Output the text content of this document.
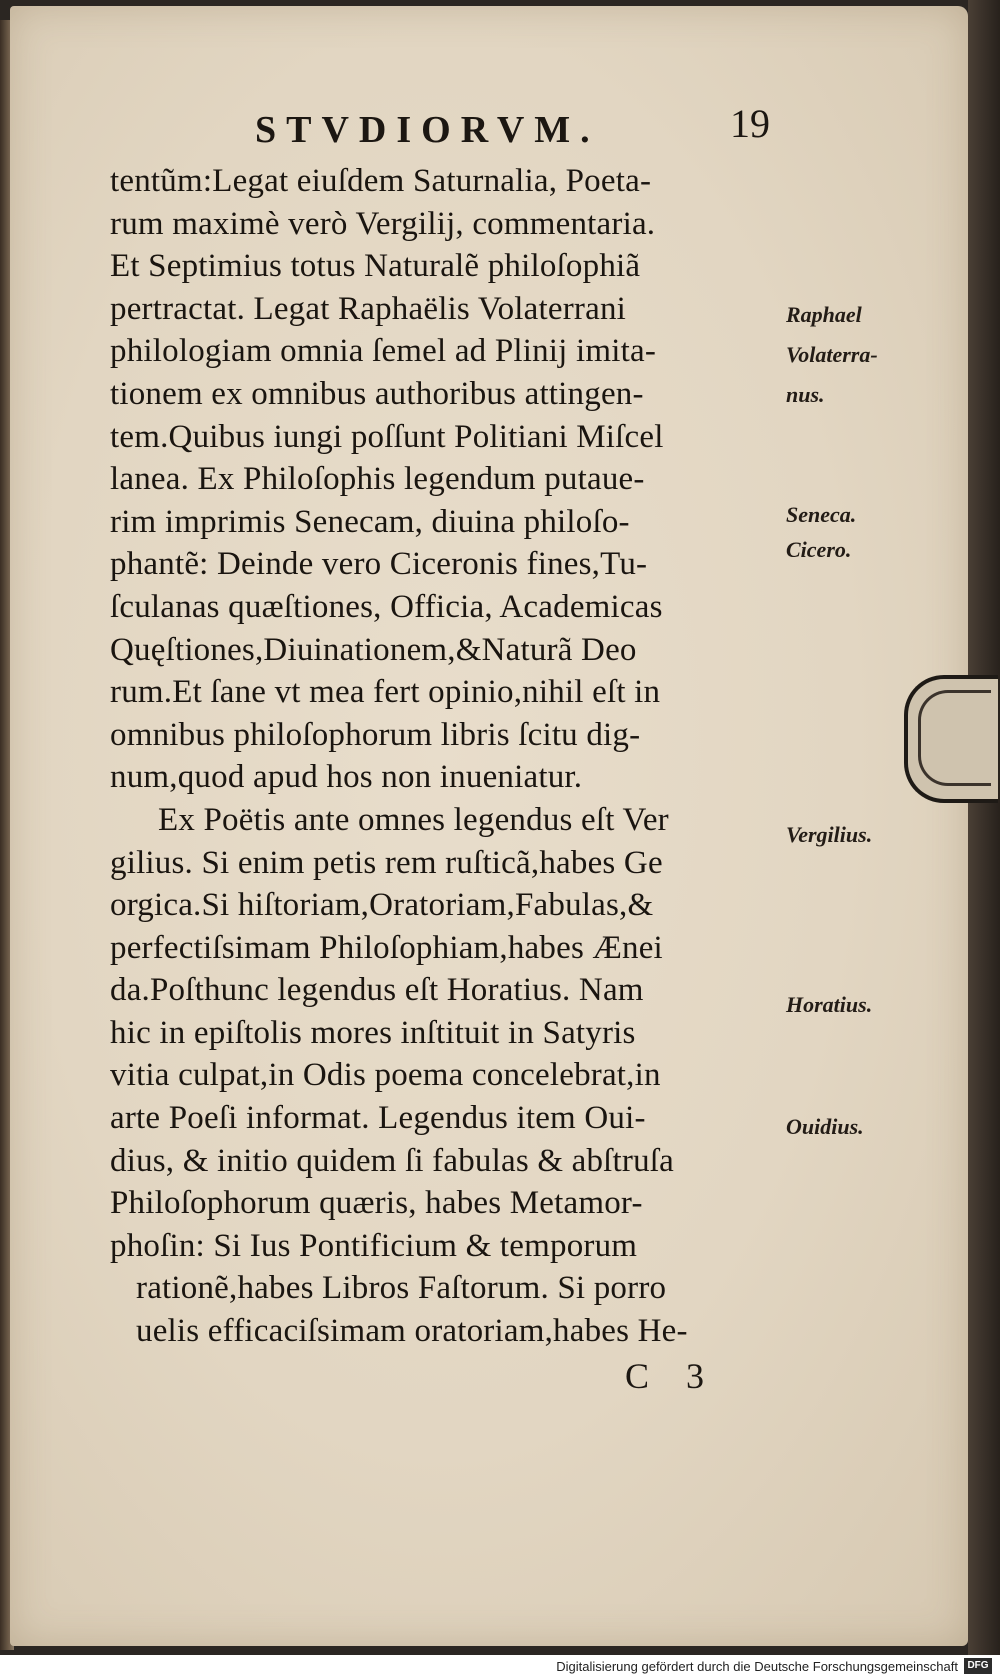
STVDIORVM.	19
tentũm:Legat eiuſdem Saturnalia, Poeta-
rum maximè verò Vergilij, commentaria.
Et Septimius totus Naturalẽ philoſophiã
pertractat. Legat Raphaëlis Volaterrani
philologiam omnia ſemel ad Plinij imita-
tionem ex omnibus authoribus attingen-
tem.Quibus iungi poſſunt Politiani Miſcel
lanea. Ex Philoſophis legendum putaue-
rim imprimis Senecam, diuina philoſo-
phantẽ: Deinde vero Ciceronis fines,Tu-
ſculanas quæſtiones, Officia, Academicas
Quęſtiones,Diuinationem,&Naturã Deo
rum.Et ſane vt mea fert opinio,nihil eſt in
omnibus philoſophorum libris ſcitu dig-
num,quod apud hos non inueniatur.
Ex Poëtis ante omnes legendus eſt Ver
gilius. Si enim petis rem ruſticã,habes Ge
orgica.Si hiſtoriam,Oratoriam,Fabulas,&
perfectiſsimam Philoſophiam,habes Ænei
da.Poſthunc legendus eſt Horatius. Nam
hic in epiſtolis mores inſtituit in Satyris
vitia culpat,in Odis poema concelebrat,in
arte Poeſi informat. Legendus item Oui-
dius, & initio quidem ſi fabulas & abſtruſa
Philoſophorum quæris, habes Metamor-
phoſin: Si Ius Pontificium & temporum
rationẽ,habes Libros Faſtorum. Si porro
uelis efficaciſsimam oratoriam,habes He-
Raphael
Volaterra-
nus.
Seneca.
Cicero.
Vergilius.
Horatius.
Ouidius.
C 3
Digitalisierung gefördert durch die Deutsche Forschungsgemeinschaft DFG
